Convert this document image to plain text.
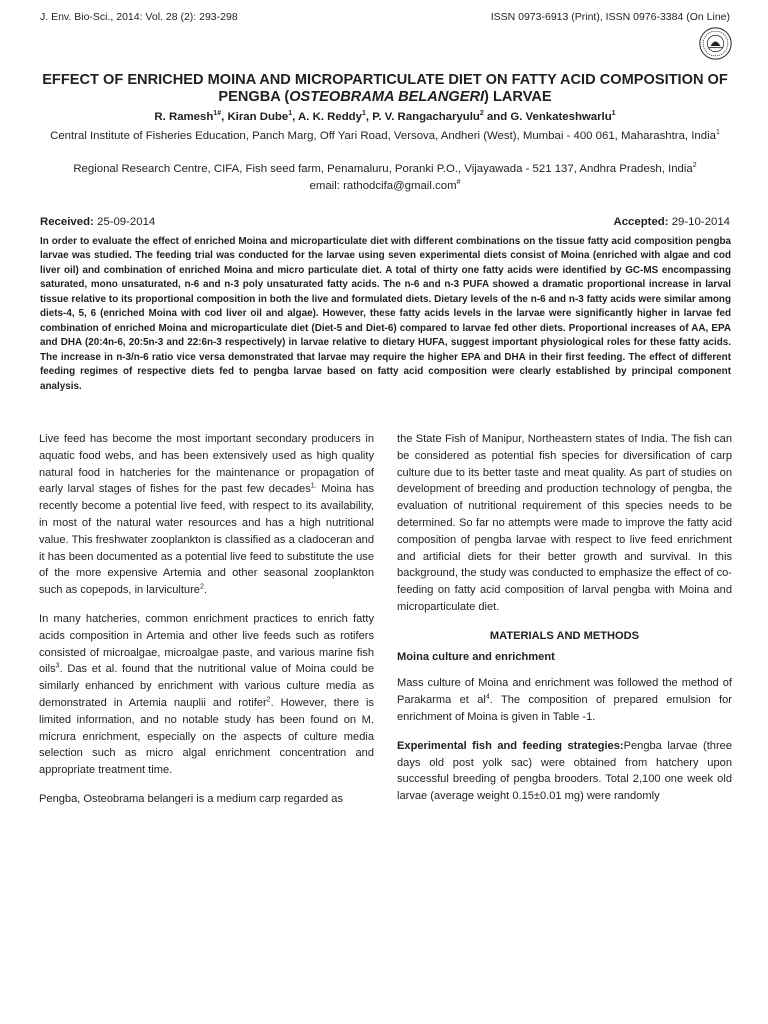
J. Env. Bio-Sci., 2014: Vol. 28 (2): 293-298	ISSN 0973-6913 (Print), ISSN 0976-3384 (On Line)
EFFECT OF ENRICHED MOINA AND MICROPARTICULATE DIET ON FATTY ACID COMPOSITION OF PENGBA (OSTEOBRAMA BELANGERI) LARVAE
R. Ramesh$^{1\#}$, Kiran Dube$^1$, A. K. Reddy$^1$, P. V. Rangacharyulu$^2$ and G. Venkateshwarlu$^1$
Central Institute of Fisheries Education, Panch Marg, Off Yari Road, Versova, Andheri (West), Mumbai - 400 061, Maharashtra, India$^1$
Regional Research Centre, CIFA, Fish seed farm, Penamaluru, Poranki P.O., Vijayawada - 521 137, Andhra Pradesh, India$^2$
email: rathodcifa@gmail.com#
Received: 25-09-2014	Accepted: 29-10-2014

In order to evaluate the effect of enriched Moina and microparticulate diet with different combinations on the tissue fatty acid composition pengba larvae was studied. The feeding trial was conducted for the larvae using seven experimental diets consist of Moina (enriched with algae and cod liver oil) and combination of enriched Moina and micro particulate diet. A total of thirty one fatty acids were identified by GC-MS encompassing saturated, mono unsaturated, n-6 and n-3 poly unsaturated fatty acids. The n-6 and n-3 PUFA showed a dramatic proportional increase in larval tissue relative to its proportional composition in both the live and formulated diets. Dietary levels of the n-6 and n-3 fatty acids were similar among diets-4, 5, 6 (enriched Moina with cod liver oil and algae). However, these fatty acids levels in the larvae were significantly higher in larvae fed combination of enriched Moina and microparticulate diet (Diet-5 and Diet-6) compared to larvae fed other diets. Proportional increases of AA, EPA and DHA (20:4n-6, 20:5n-3 and 22:6n-3 respectively) in larvae relative to dietary HUFA, suggest important physiological roles for these fatty acids. The increase in n-3/n-6 ratio vice versa demonstrated that larvae may require the higher EPA and DHA in their first feeding. The effect of different feeding regimes of respective diets fed to pengba larvae based on fatty acid composition were clearly established by principal component analysis.

Live feed has become the most important secondary producers in aquatic food webs, and has been extensively used as high quality natural food in hatcheries for the maintenance or propagation of early larval stages of fishes for the past few decades$^{1.}$ Moina has recently become a potential live feed, with respect to its availability, in most of the natural water resources and has a high nutritional value. This freshwater zooplankton is classified as a cladoceran and it has been documented as a potential live feed to substitute the use of the more expensive Artemia and other seasonal zooplankton such as copepods, in larviculture$^2$.

In many hatcheries, common enrichment practices to enrich fatty acids composition in Artemia and other live feeds such as rotifers consisted of microalgae, microalgae paste, and various marine fish oils$^3$. Das et al. found that the nutritional value of Moina could be similarly enhanced by enrichment with various culture media as demonstrated in Artemia nauplii and rotifer$^2$. However, there is limited information, and no notable study has been found on M. micrura enrichment, especially on the aspects of culture media selection such as micro algal enrichment concentration and appropriate treatment time.

Pengba, Osteobrama belangeri is a medium carp regarded as

the State Fish of Manipur, Northeastern states of India. The fish can be considered as potential fish species for diversification of carp culture due to its better taste and meat quality. As part of studies on development of breeding and production technology of pengba, the evaluation of nutritional requirement of this species needs to be determined. So far no attempts were made to improve the fatty acid composition of pengba larvae with respect to live feed enrichment and artificial diets for their better growth and survival. In this background, the study was conducted to emphasize the effect of co-feeding on fatty acid composition of larval pengba with Moina and microparticulate diet.

MATERIALS AND METHODS
Moina culture and enrichment

Mass culture of Moina and enrichment was followed the method of Parakarma et $al^4$. The composition of prepared emulsion for enrichment of Moina is given in Table -1.

Experimental fish and feeding strategies:Pengba larvae (three days old post yolk sac) were obtained from hatchery upon successful breeding of pengba brooders. Total 2,100 one week old larvae (average weight 0.15±0.01 mg) were randomly
